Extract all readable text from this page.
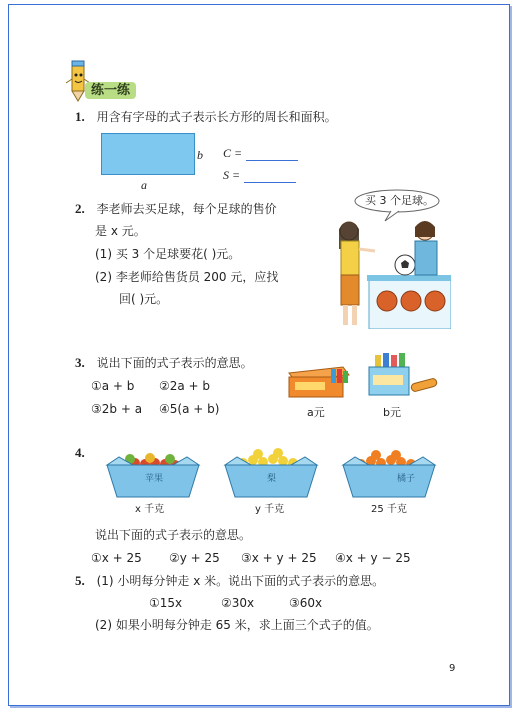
练一练
1. 用含有字母的式子表示长方形的周长和面积。
b
a
C =
S =
2. 李老师去买足球，每个足球的售价
是 x 元。
(1) 买 3 个足球要花( )元。
(2) 李老师给售货员 200 元，应找
回( )元。
买 3 个足球。
3. 说出下面的式子表示的意思。
①a + b ②2a + b
③2b + a ④5(a + b)	a元	b元
4.
苹果	梨	橘子
x 千克	y 千克	25 千克
说出下面的式子表示的意思。
①x + 25 ②y + 25 ③x + y + 25 ④x + y − 25
5. (1) 小明每分钟走 x 米。说出下面的式子表示的意思。
①15x	②30x	③60x
(2) 如果小明每分钟走 65 米，求上面三个式子的值。
9
